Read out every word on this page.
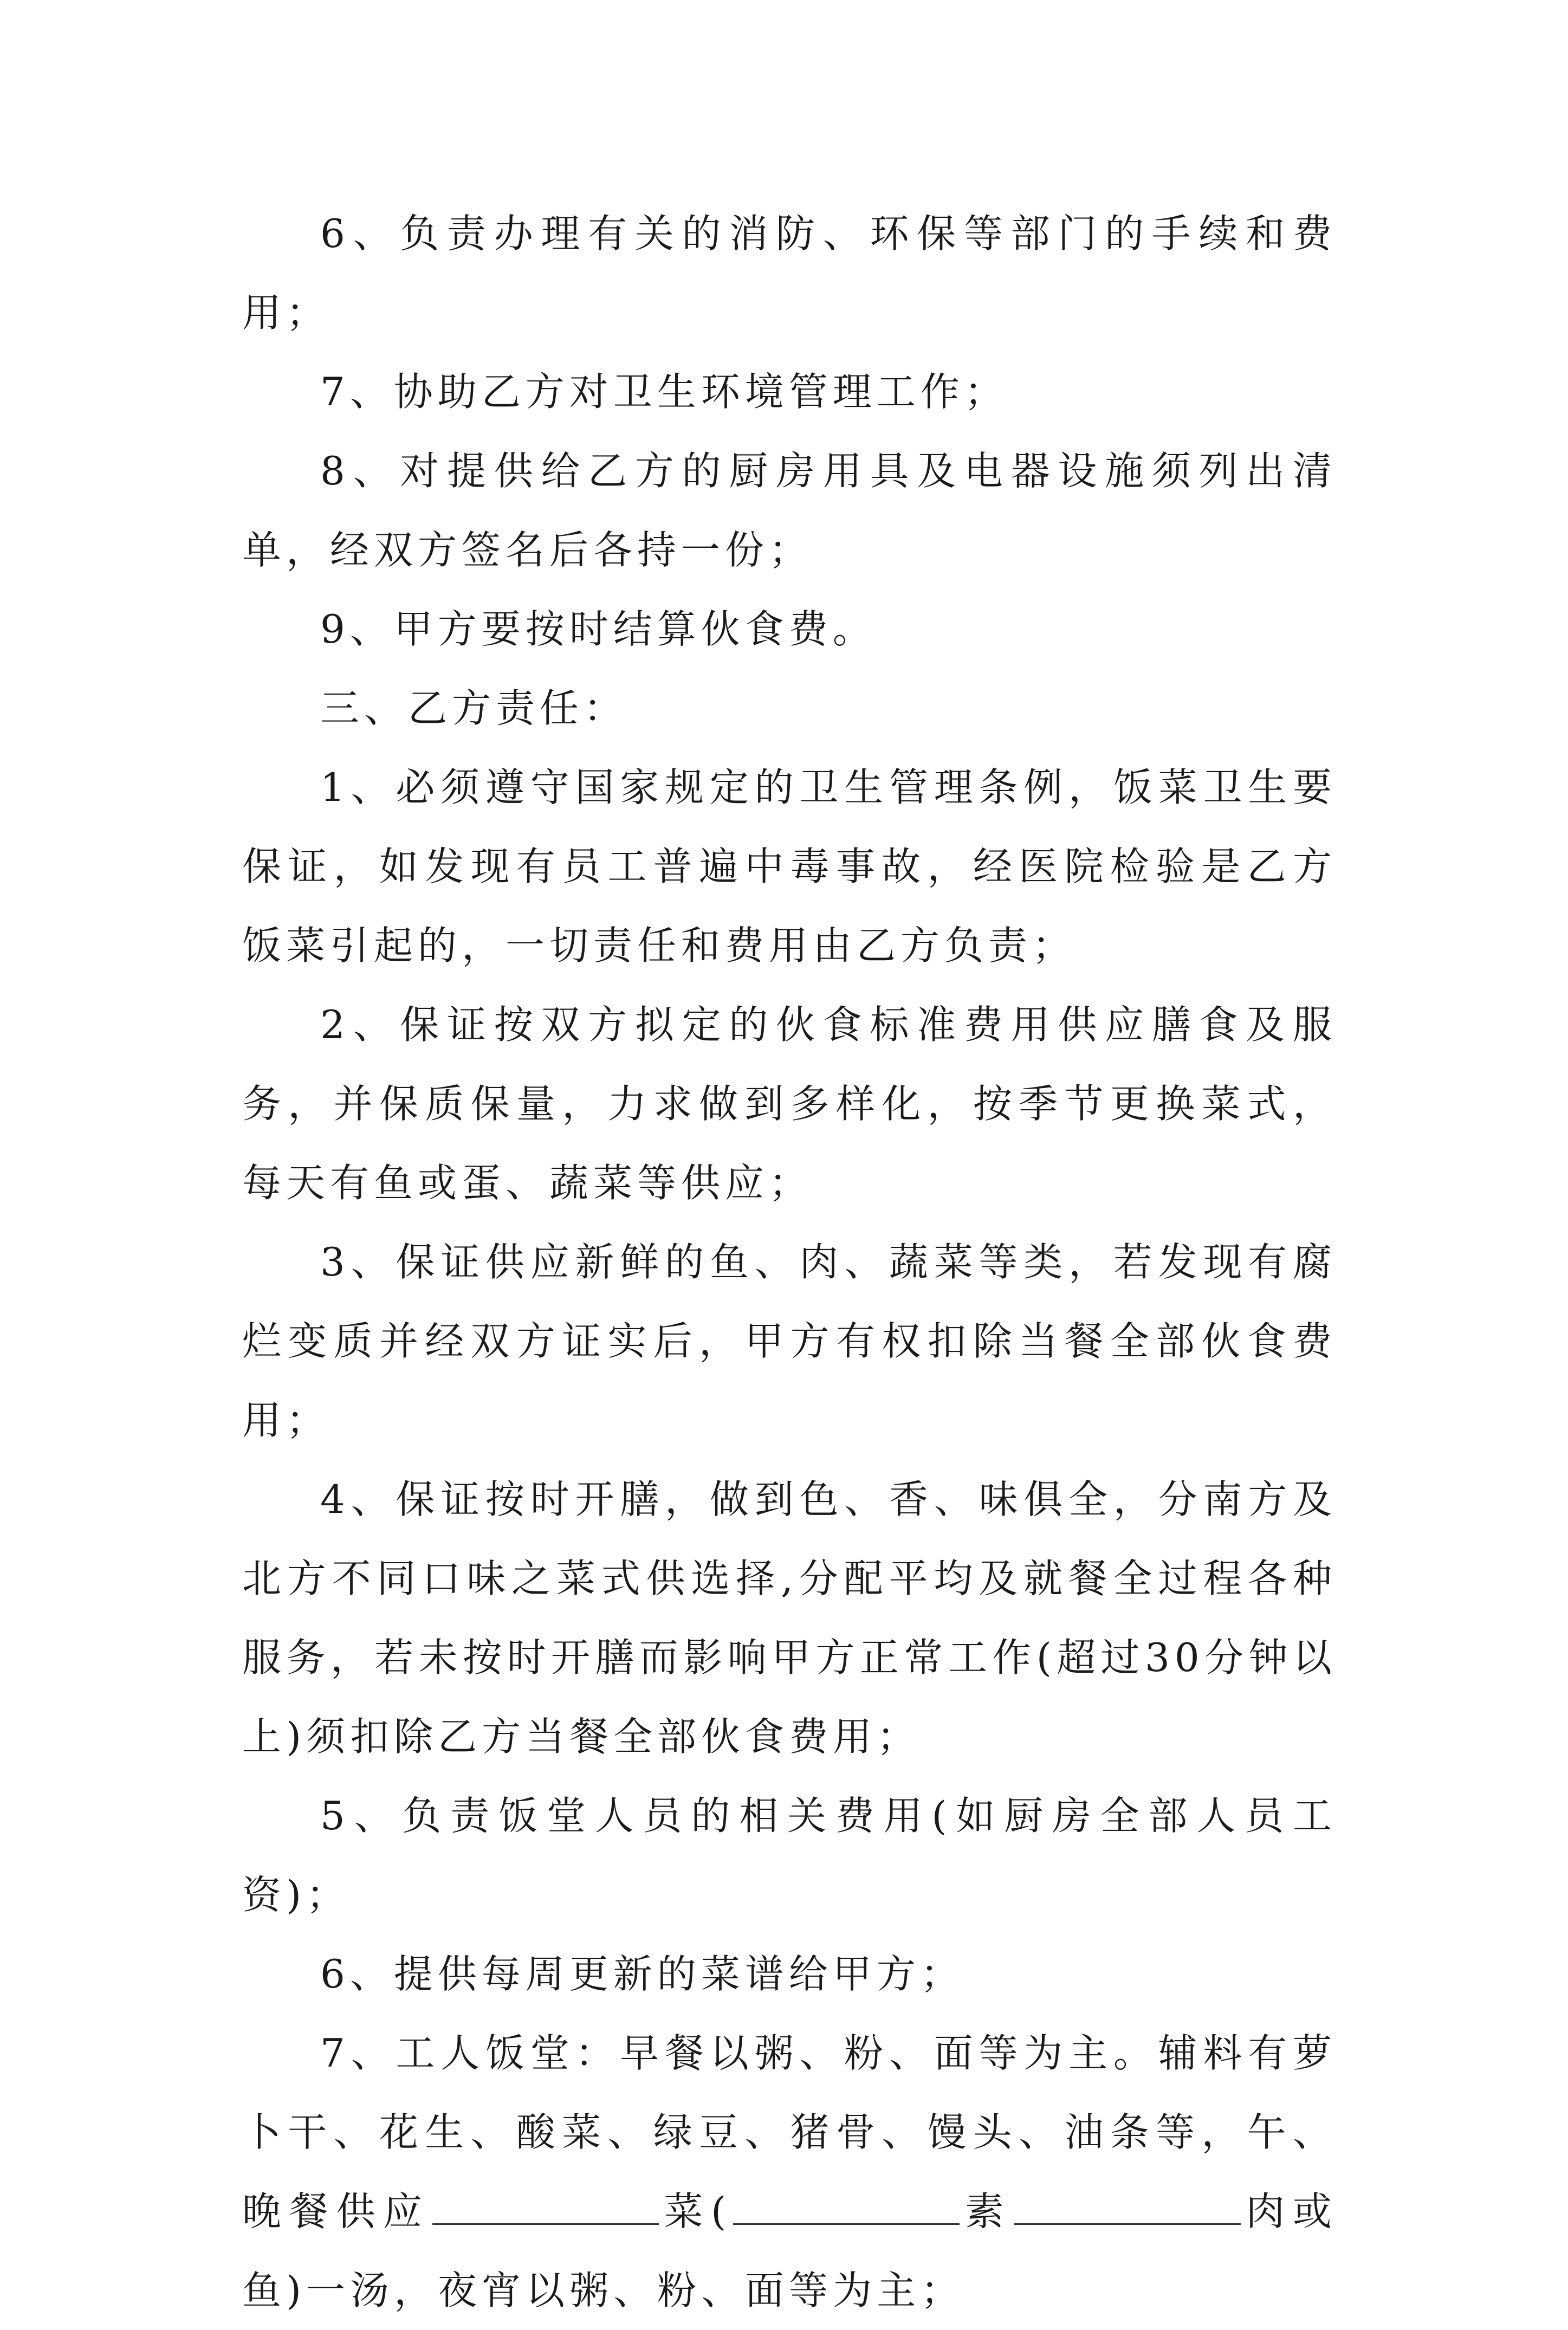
6、负责办理有关的消防、环保等部门的手续和费用；

7、协助乙方对卫生环境管理工作；

8、对提供给乙方的厨房用具及电器设施须列出清单，经双方签名后各持一份；

9、甲方要按时结算伙食费。

三、乙方责任：

1、必须遵守国家规定的卫生管理条例，饭菜卫生要保证，如发现有员工普遍中毒事故，经医院检验是乙方饭菜引起的，一切责任和费用由乙方负责；

2、保证按双方拟定的伙食标准费用供应膳食及服务，并保质保量，力求做到多样化，按季节更换菜式，每天有鱼或蛋、蔬菜等供应；

3、保证供应新鲜的鱼、肉、蔬菜等类，若发现有腐烂变质并经双方证实后，甲方有权扣除当餐全部伙食费用；

4、保证按时开膳，做到色、香、味俱全，分南方及北方不同口味之菜式供选择,分配平均及就餐全过程各种服务，若未按时开膳而影响甲方正常工作(超过30分钟以上)须扣除乙方当餐全部伙食费用；

5、负责饭堂人员的相关费用(如厨房全部人员工资)；

6、提供每周更新的菜谱给甲方；

7、工人饭堂：早餐以粥、粉、面等为主。辅料有萝卜干、花生、酸菜、绿豆、猪骨、馒头、油条等，午、晚餐供应	菜(	素	肉或鱼)一汤，夜宵以粥、粉、面等为主；
